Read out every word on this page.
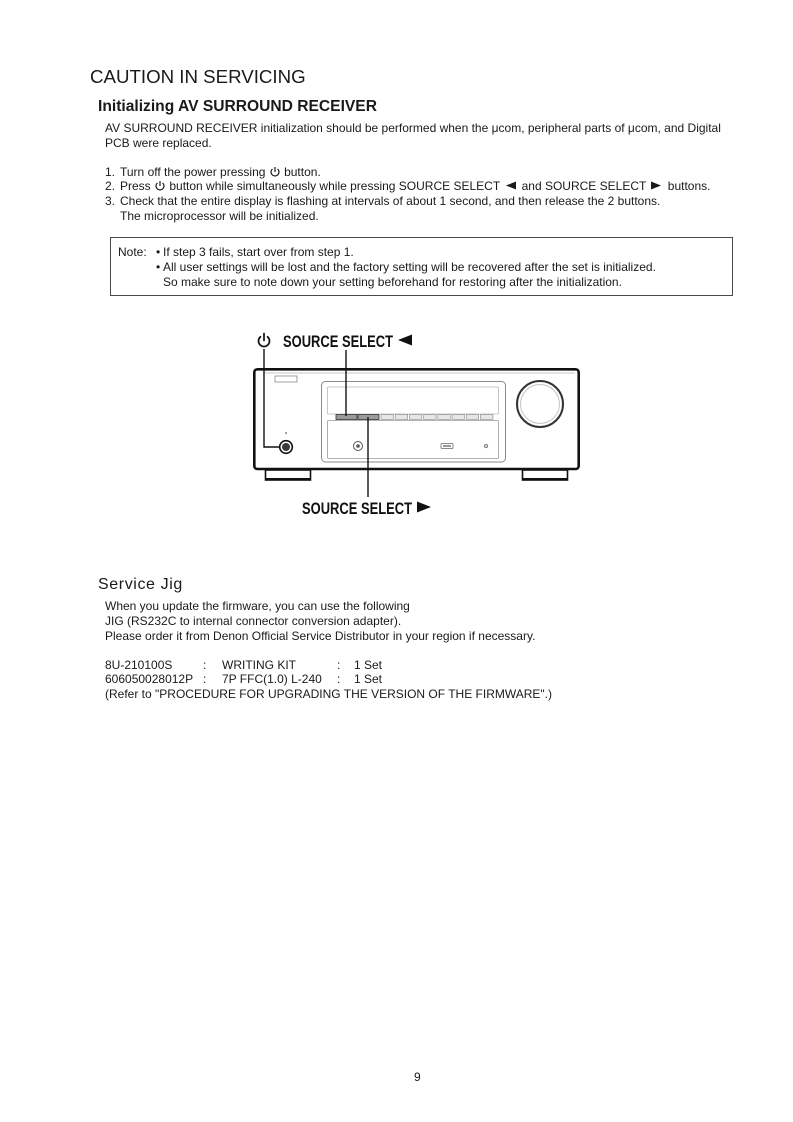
CAUTION IN SERVICING
Initializing AV SURROUND RECEIVER
AV SURROUND RECEIVER initialization should be performed when the μcom, peripheral parts of μcom, and Digital
PCB were replaced.
1. Turn off the power pressing  button.
2. Press  button while simultaneously while pressing SOURCE SELECT  and SOURCE SELECT  buttons.
3. Check that the entire display is flashing at intervals of about 1 second, and then release the 2 buttons.
The microprocessor will be initialized.
Note: • If step 3 fails, start over from step 1.
• All user settings will be lost and the factory setting will be recovered after the set is initialized.
So make sure to note down your setting beforehand for restoring after the initialization.
SOURCE SELECT
SOURCE SELECT
Service Jig
When you update the firmware, you can use the following
JIG (RS232C to internal connector conversion adapter).
Please order it from Denon Official Service Distributor in your region if necessary.
8U-210100S	: WRITING KIT	: 1 Set
606050028012P : 7P FFC(1.0) L-240 : 1 Set
(Refer to "PROCEDURE FOR UPGRADING THE VERSION OF THE FIRMWARE".)
9
